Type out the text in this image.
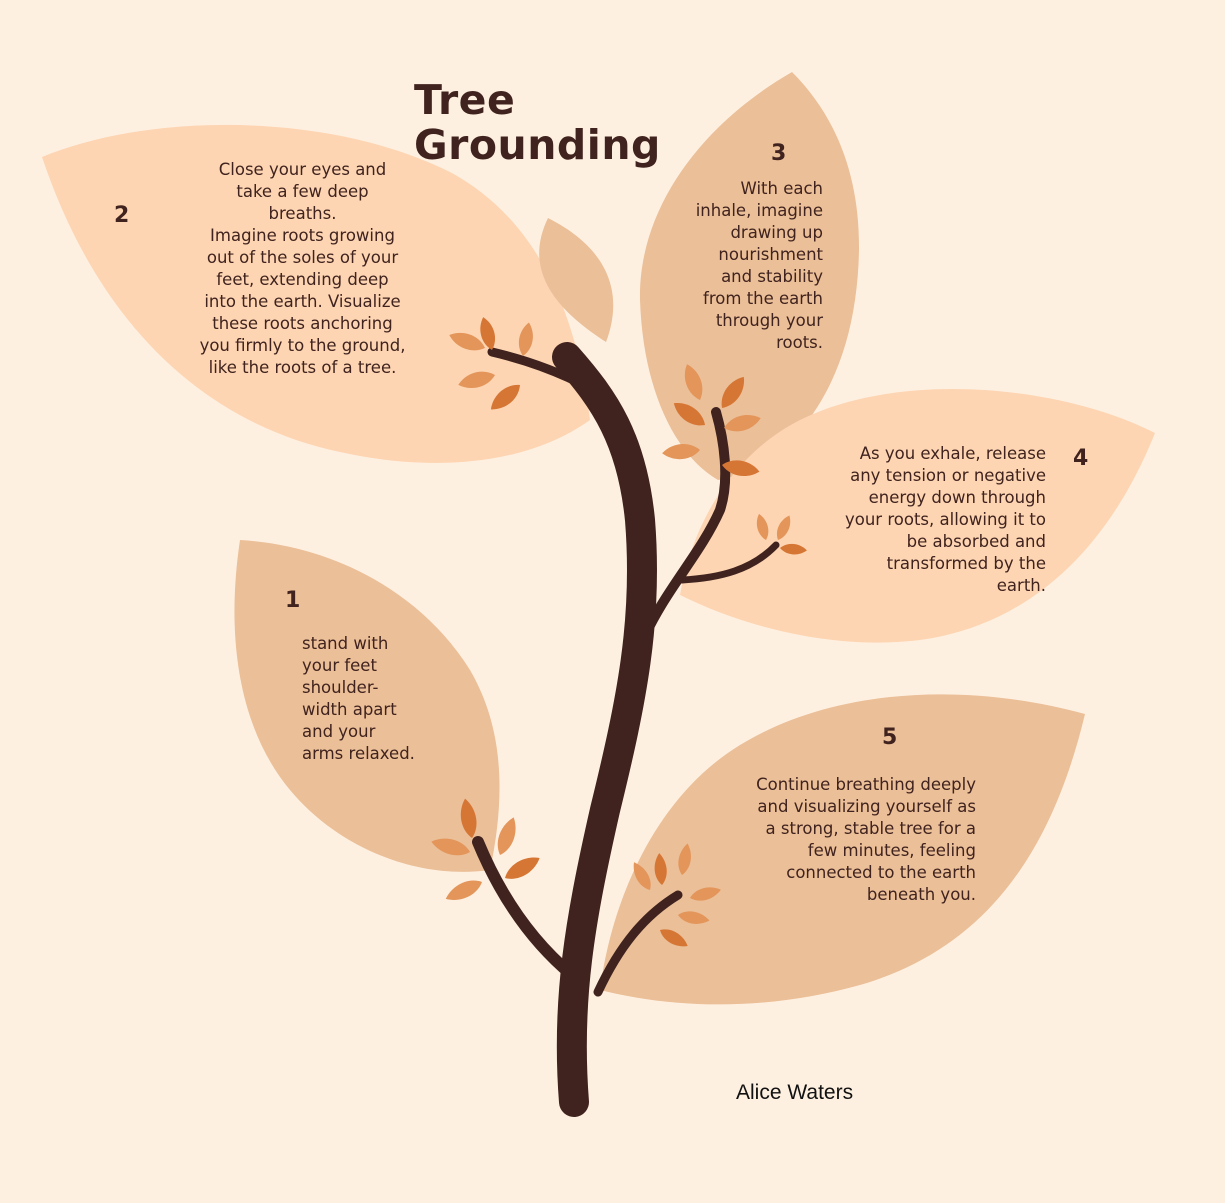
Tree
Grounding
2

Close your eyes and
take a few deep
breaths.
Imagine roots growing
out of the soles of your
feet, extending deep
into the earth. Visualize
these roots anchoring
you firmly to the ground,
like the roots of a tree.

3

With each
inhale, imagine
drawing up
nourishment
and stability
from the earth
through your
roots.

4

As you exhale, release
any tension or negative
energy down through
your roots, allowing it to
be absorbed and
transformed by the
earth.

1

stand with
your feet
shoulder-
width apart
and your
arms relaxed.

5

Continue breathing deeply
and visualizing yourself as
a strong, stable tree for a
few minutes, feeling
connected to the earth
beneath you.

Alice Waters
